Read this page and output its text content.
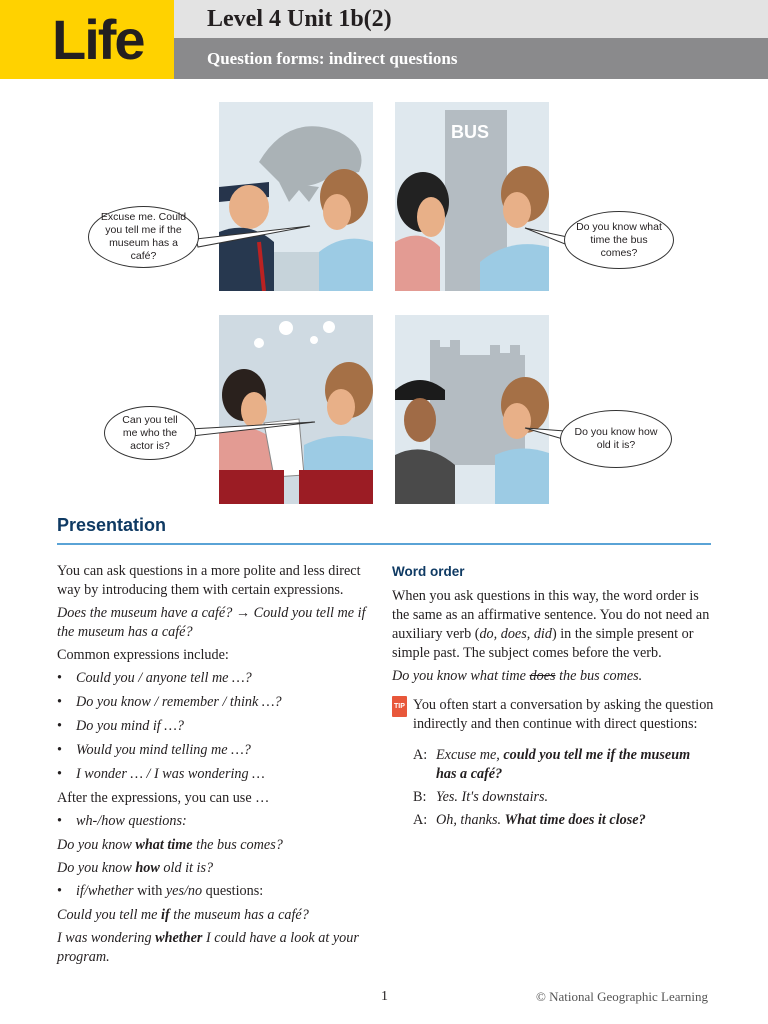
Life	Level 4 Unit 1b(2)
Question forms: indirect questions
BUS
Excuse me. Could you tell me if the museum has a café?
Do you know what time the bus comes?
Can you tell me who the actor is?
Do you know how old it is?
Presentation

You can ask questions in a more polite and less direct way by introducing them with certain expressions.

Does the museum have a café? → Could you tell me if the museum has a café?

Common expressions include:

• Could you / anyone tell me …?
• Do you know / remember / think …?
• Do you mind if …?
• Would you mind telling me …?
• I wonder … / I was wondering …

After the expressions, you can use …

• wh-/how questions:

Do you know what time the bus comes?

Do you know how old it is?

• if/whether with yes/no questions:

Could you tell me if the museum has a café?

I was wondering whether I could have a look at your program.

Word order

When you ask questions in this way, the word order is the same as an affirmative sentence. You do not need an auxiliary verb (do, does, did) in the simple present or simple past. The subject comes before the verb.

Do you know what time does the bus comes.

TIP You often start a conversation by asking the question indirectly and then continue with direct questions:
A: Excuse me, could you tell me if the museum has a café?
B: Yes. It's downstairs.
A: Oh, thanks. What time does it close?
1	© National Geographic Learning
